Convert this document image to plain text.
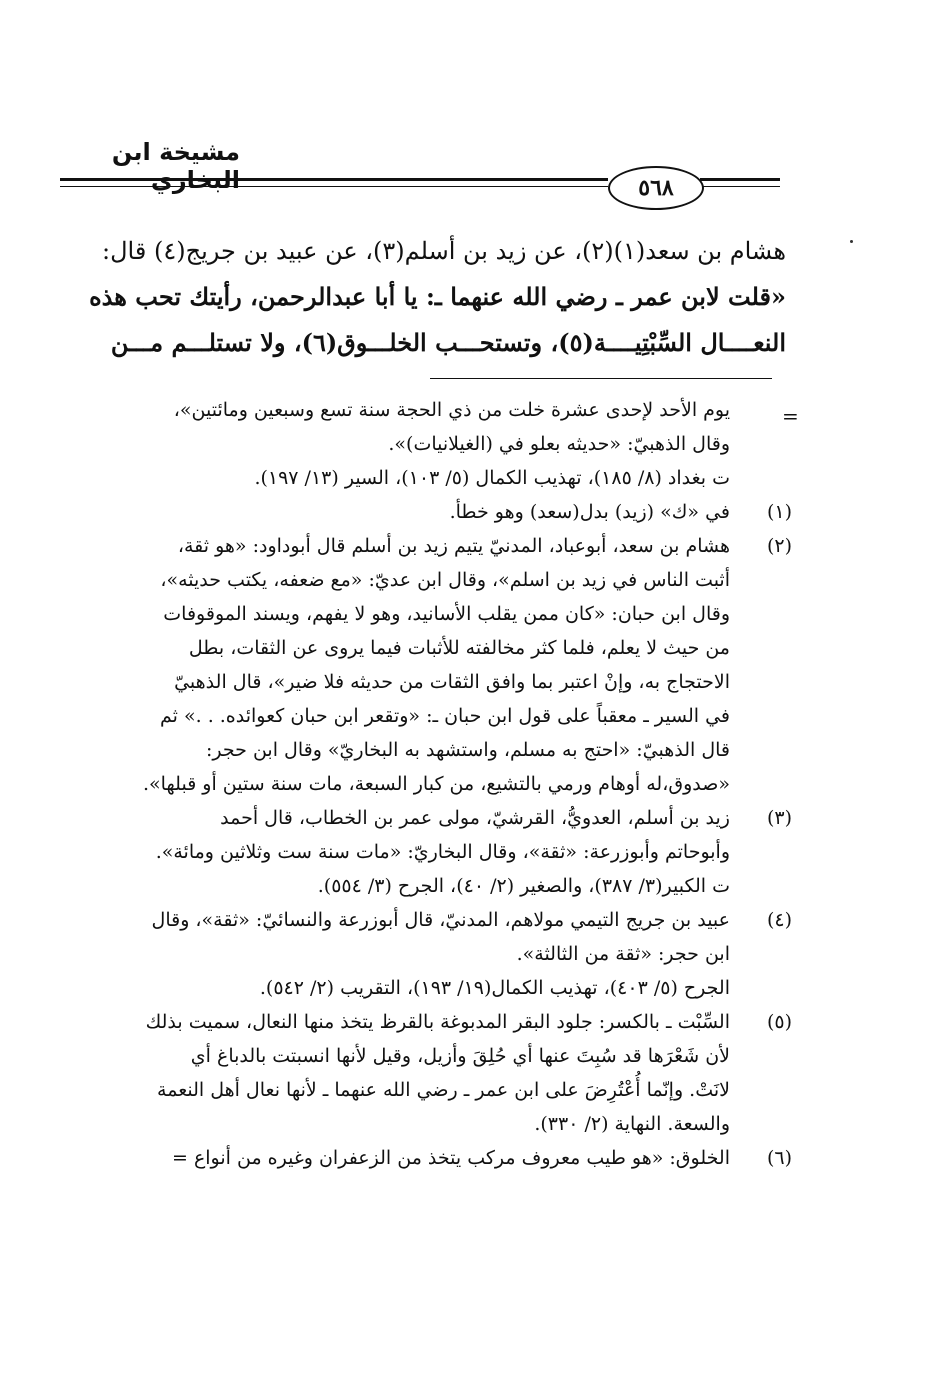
مشيخة ابن البخاري	٥٦٨

هشام بن سعد(١)(٢)، عن زيد بن أسلم(٣)، عن عبيد بن جريج(٤) قال:

«قلت لابن عمر ـ رضي الله عنهما ـ: يا أبا عبدالرحمن، رأيتك تحب هذه

النعــــال السِّبْتِيــــة(٥)، وتستحـــب الخلـــوق(٦)، ولا تستلـــم مـــن

=
يوم الأحد لإحدى عشرة خلت من ذي الحجة سنة تسع وسبعين ومائتين»،
وقال الذهبيّ: «حديثه بعلو في (الغيلانيات)».
ت بغداد (٨/ ١٨٥)، تهذيب الكمال (٥/ ١٠٣)، السير (١٣/ ١٩٧).
(١)
في «ك» (زيد) بدل(سعد) وهو خطأ.
(٢)
هشام بن سعد، أبوعباد، المدنيّ يتيم زيد بن أسلم قال أبوداود: «هو ثقة،
أثبت الناس في زيد بن اسلم»، وقال ابن عديّ: «مع ضعفه، يكتب حديثه»،
وقال ابن حبان: «كان ممن يقلب الأسانيد، وهو لا يفهم، ويسند الموقوفات
من حيث لا يعلم، فلما كثر مخالفته للأثبات فيما يروى عن الثقات، بطل
الاحتجاج به، وإنْ اعتبر بما وافق الثقات من حديثه فلا ضير»، قال الذهبيّ
في السير ـ معقباً على قول ابن حبان ـ: «وتقعر ابن حبان كعوائده. . .» ثم
قال الذهبيّ: «احتج به مسلم، واستشهد به البخاريّ» وقال ابن حجر:
«صدوق،له أوهام ورمي بالتشيع، من كبار السبعة، مات سنة ستين أو قبلها».
(٣)
زيد بن أسلم، العدويُّ، القرشيّ، مولى عمر بن الخطاب، قال أحمد
وأبوحاتم وأبوزرعة: «ثقة»، وقال البخاريّ: «مات سنة ست وثلاثين ومائة».
ت الكبير(٣/ ٣٨٧)، والصغير (٢/ ٤٠)، الجرح (٣/ ٥٥٤).
(٤)
عبيد بن جريج التيمي مولاهم، المدنيّ، قال أبوزرعة والنسائيّ: «ثقة»، وقال
ابن حجر: «ثقة من الثالثة».
الجرح (٥/ ٤٠٣)، تهذيب الكمال(١٩/ ١٩٣)، التقريب (٢/ ٥٤٢).
(٥)
السِّبْت ـ بالكسر: جلود البقر المدبوغة بالقرظ يتخذ منها النعال، سميت بذلك
لأن شَعْرَها قد سُبِتَ عنها أي حُلِقَ وأزيل، وقيل لأنها انسبتت بالدباغ أي
لانَتْ. وإنّما أُعْتُرِضَ على ابن عمر ـ رضي الله عنهما ـ لأنها نعال أهل النعمة
والسعة. النهاية (٢/ ٣٣٠).
(٦)
الخلوق: «هو طيب معروف مركب يتخذ من الزعفران وغيره من أنواع =
